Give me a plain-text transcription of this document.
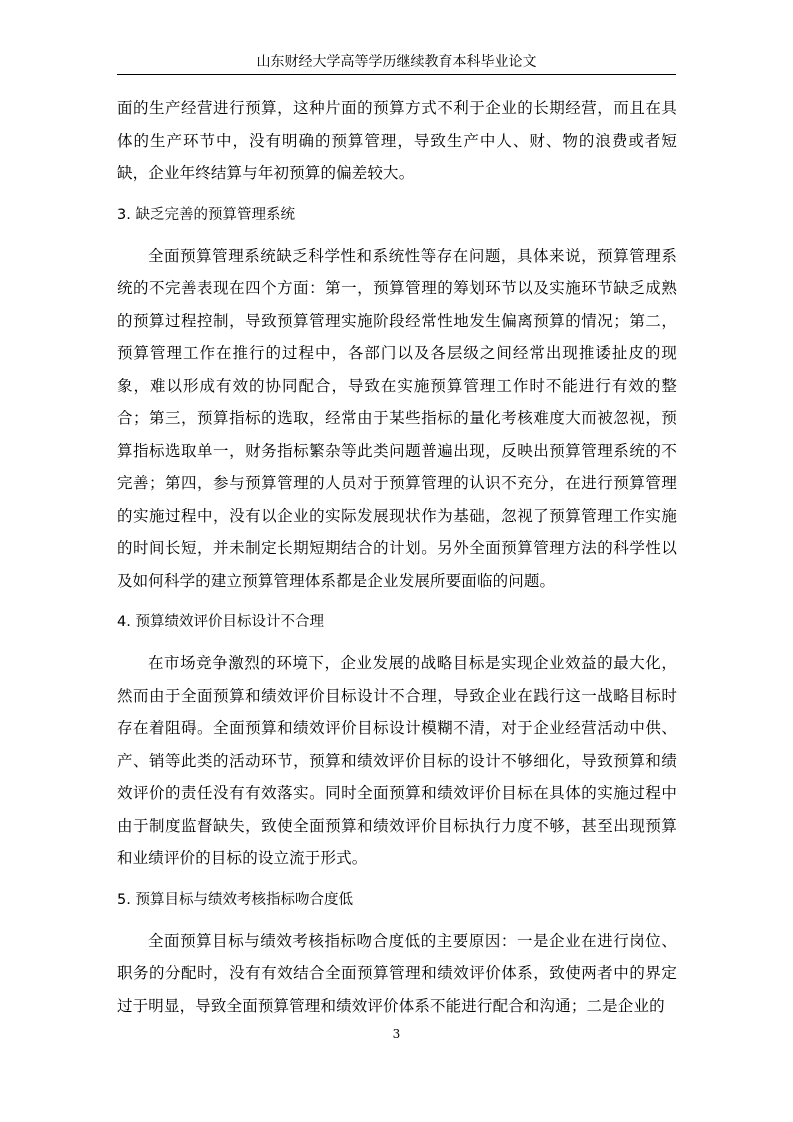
山东财经大学高等学历继续教育本科毕业论文

面的生产经营进行预算，这种片面的预算方式不利于企业的长期经营，而且在具体的生产环节中，没有明确的预算管理，导致生产中人、财、物的浪费或者短缺，企业年终结算与年初预算的偏差较大。

3. 缺乏完善的预算管理系统

全面预算管理系统缺乏科学性和系统性等存在问题，具体来说，预算管理系统的不完善表现在四个方面：第一，预算管理的筹划环节以及实施环节缺乏成熟的预算过程控制，导致预算管理实施阶段经常性地发生偏离预算的情况；第二，预算管理工作在推行的过程中，各部门以及各层级之间经常出现推诿扯皮的现象，难以形成有效的协同配合，导致在实施预算管理工作时不能进行有效的整合；第三，预算指标的选取，经常由于某些指标的量化考核难度大而被忽视，预算指标选取单一，财务指标繁杂等此类问题普遍出现，反映出预算管理系统的不完善；第四，参与预算管理的人员对于预算管理的认识不充分，在进行预算管理的实施过程中，没有以企业的实际发展现状作为基础，忽视了预算管理工作实施的时间长短，并未制定长期短期结合的计划。另外全面预算管理方法的科学性以及如何科学的建立预算管理体系都是企业发展所要面临的问题。

4. 预算绩效评价目标设计不合理

在市场竞争激烈的环境下，企业发展的战略目标是实现企业效益的最大化，然而由于全面预算和绩效评价目标设计不合理，导致企业在践行这一战略目标时存在着阻碍。全面预算和绩效评价目标设计模糊不清，对于企业经营活动中供、产、销等此类的活动环节，预算和绩效评价目标的设计不够细化，导致预算和绩效评价的责任没有有效落实。同时全面预算和绩效评价目标在具体的实施过程中由于制度监督缺失，致使全面预算和绩效评价目标执行力度不够，甚至出现预算和业绩评价的目标的设立流于形式。

5. 预算目标与绩效考核指标吻合度低

全面预算目标与绩效考核指标吻合度低的主要原因：一是企业在进行岗位、职务的分配时，没有有效结合全面预算管理和绩效评价体系，致使两者中的界定过于明显，导致全面预算管理和绩效评价体系不能进行配合和沟通；二是企业的

3
